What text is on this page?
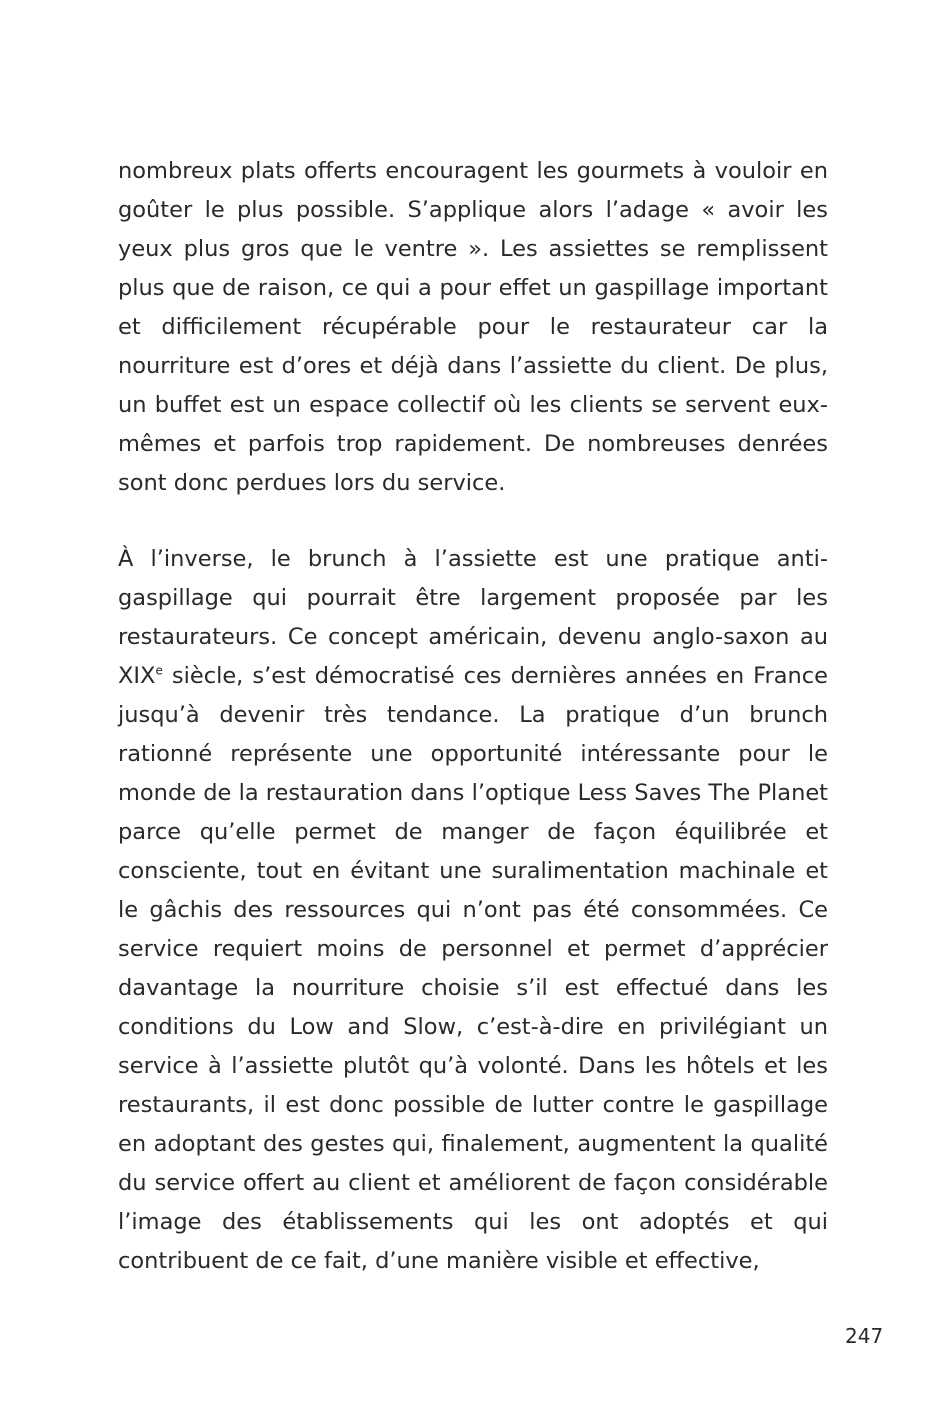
nombreux plats offerts encouragent les gourmets à vouloir en goûter le plus possible. S’applique alors l’adage « avoir les yeux plus gros que le ventre ». Les assiettes se remplissent plus que de raison, ce qui a pour effet un gaspillage important et difficilement récupérable pour le restaurateur car la nourriture est d’ores et déjà dans l’assiette du client. De plus, un buffet est un espace collectif où les clients se servent eux-mêmes et parfois trop rapidement. De nombreuses denrées sont donc perdues lors du service.

À l’inverse, le brunch à l’assiette est une pratique anti-gaspillage qui pourrait être largement proposée par les restaurateurs. Ce concept américain, devenu anglo-saxon au XIXe siècle, s’est démocratisé ces dernières années en France jusqu’à devenir très tendance. La pratique d’un brunch rationné représente une opportunité intéressante pour le monde de la restauration dans l’optique Less Saves The Planet parce qu’elle permet de manger de façon équilibrée et consciente, tout en évitant une suralimentation machinale et le gâchis des ressources qui n’ont pas été consommées. Ce service requiert moins de personnel et permet d’apprécier davantage la nourriture choisie s’il est effectué dans les conditions du Low and Slow, c’est-à-dire en privilégiant un service à l’assiette plutôt qu’à volonté. Dans les hôtels et les restaurants, il est donc possible de lutter contre le gaspillage en adoptant des gestes qui, finalement, augmentent la qualité du service offert au client et améliorent de façon considérable l’image des établissements qui les ont adoptés et qui contribuent de ce fait, d’une manière visible et effective,

247
